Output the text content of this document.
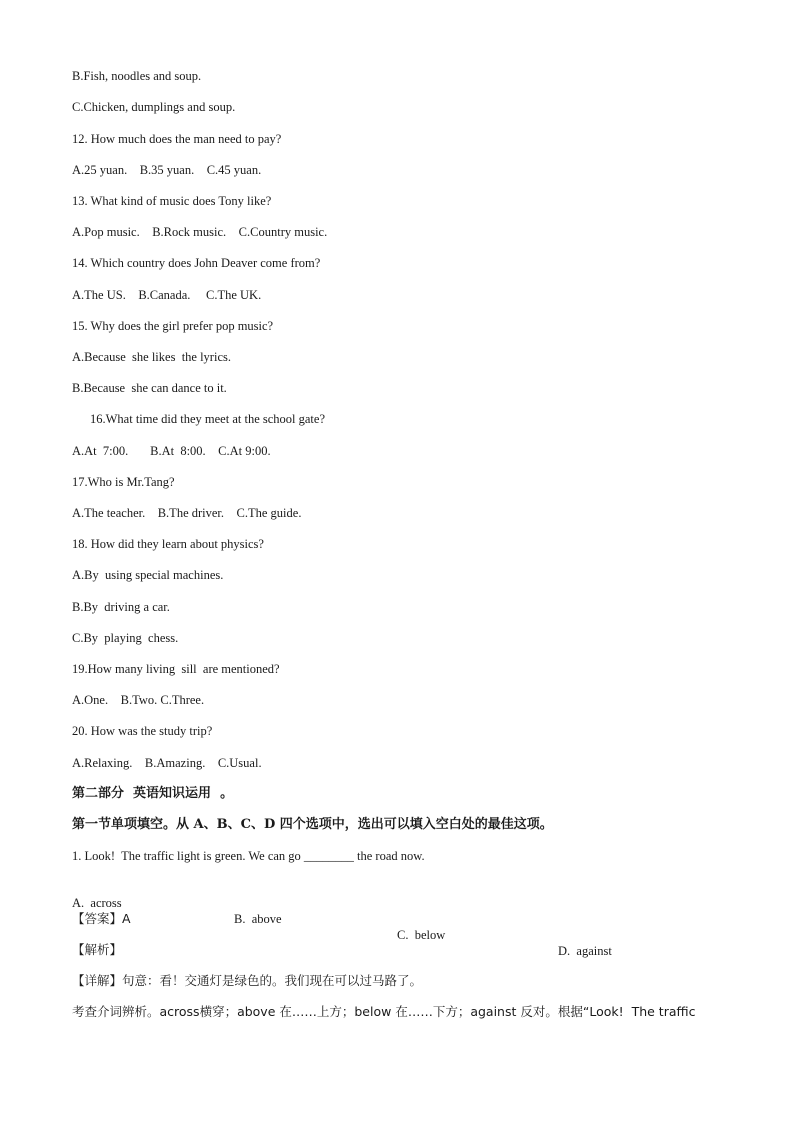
B.Fish, noodles and soup.
C.Chicken, dumplings and soup.
12. How much does the man need to pay?
A.25 yuan.    B.35 yuan.    C.45 yuan.
13. What kind of music does Tony like?
A.Pop music.    B.Rock music.    C.Country music.
14. Which country does John Deaver come from?
A.The US.    B.Canada.     C.The UK.
15. Why does the girl prefer pop music?
A.Because  she likes  the lyrics.
B.Because  she can dance to it.
16.What time did they meet at the school gate?
A.At  7:00.       B.At  8:00.    C.At 9:00.
17.Who is Mr.Tang?
A.The teacher.    B.The driver.    C.The guide.
18. How did they learn about physics?
A.By  using special machines.
B.By  driving a car.
C.By  playing  chess.
19.How many living  sill  are mentioned?
A.One.    B.Two. C.Three.
20. How was the study trip?
A.Relaxing.    B.Amazing.    C.Usual.
第二部分  英语知识运用  。
第一节单项填空。从 A、B、C、D 四个选项中，选出可以填入空白处的最佳这项。
1. Look!  The traffic light is green. We can go ________ the road now.

A.  across

B.  above

C.  below

D.  against

【答案】A
【解析】
【详解】句意：看！交通灯是绿色的。我们现在可以过马路了。
考查介词辨析。across横穿；above 在……上方；below 在……下方；against 反对。根据“Look!  The traffic
